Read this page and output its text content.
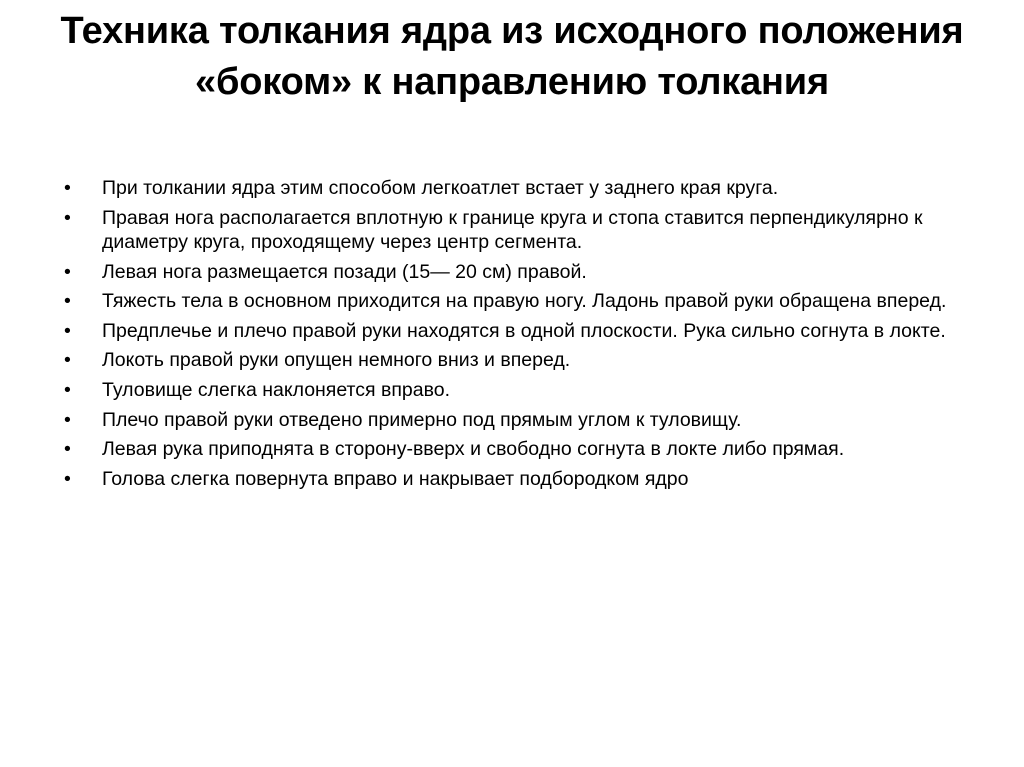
Техника толкания ядра из исходного положения «боком» к направлению толкания
• При толкании ядра этим способом легкоатлет встает у заднего края круга.
• Правая нога располагается вплотную к границе круга и стопа ставится перпендикулярно к диаметру круга, проходящему через центр сегмента.
• Левая нога размещается позади (15— 20 см) правой.
• Тяжесть тела в основном приходится на правую ногу. Ладонь правой руки обращена вперед.
• Предплечье и плечо правой руки находятся в одной плоскости. Рука сильно согнута в локте.
• Локоть правой руки опущен немного вниз и вперед.
• Туловище слегка наклоняется вправо.
• Плечо правой руки отведено примерно под прямым углом к туловищу.
• Левая рука приподнята в сторону-вверх и свободно согнута в локте либо прямая.
• Голова слегка повернута вправо и накрывает подбородком ядро
